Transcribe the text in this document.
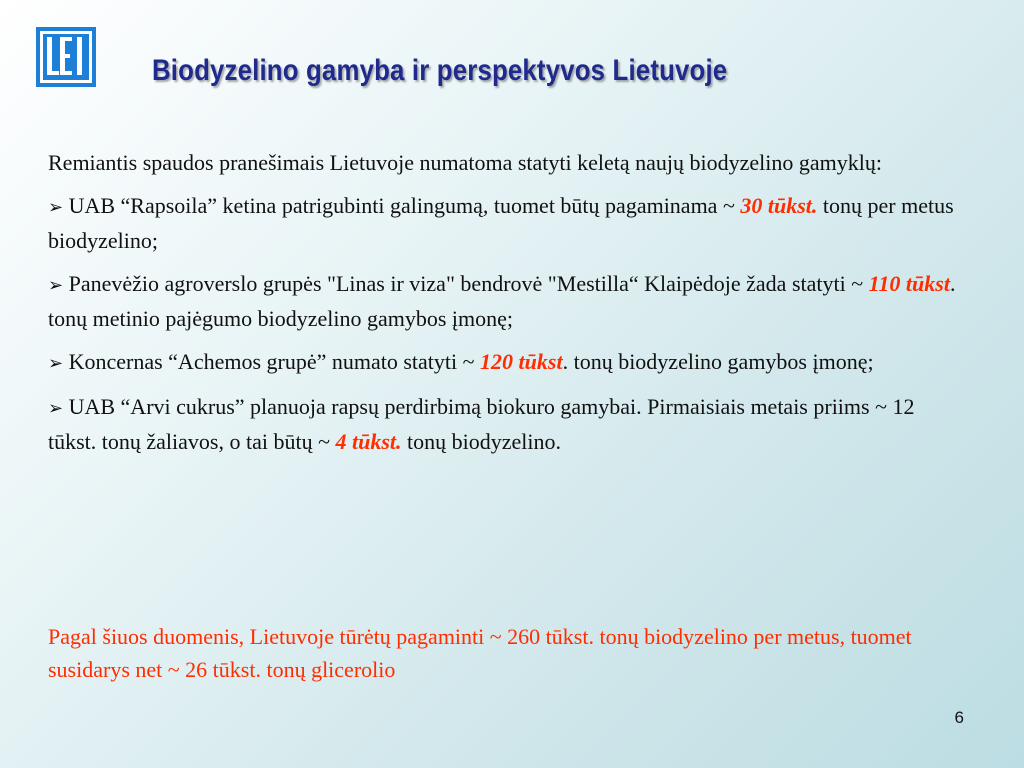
Biodyzelino gamyba ir perspektyvos Lietuvoje

Remiantis spaudos pranešimais Lietuvoje numatoma statyti keletą naujų biodyzelino gamyklų:

➢ UAB “Rapsoila” ketina patrigubinti galingumą, tuomet būtų pagaminama ~ 30 tūkst. tonų per metus biodyzelino;

➢ Panevėžio agroverslo grupės "Linas ir viza" bendrovė "Mestilla“ Klaipėdoje žada statyti ~ 110 tūkst. tonų metinio pajėgumo biodyzelino gamybos įmonę;

➢ Koncernas “Achemos grupė” numato statyti ~ 120 tūkst. tonų biodyzelino gamybos įmonę;

➢ UAB “Arvi cukrus” planuoja rapsų perdirbimą biokuro gamybai. Pirmaisiais metais priims ~ 12 tūkst. tonų žaliavos, o tai būtų ~ 4 tūkst. tonų biodyzelino.

Pagal šiuos duomenis, Lietuvoje tūrėtų pagaminti ~ 260 tūkst. tonų biodyzelino per metus, tuomet susidarys net ~ 26 tūkst. tonų glicerolio
6
